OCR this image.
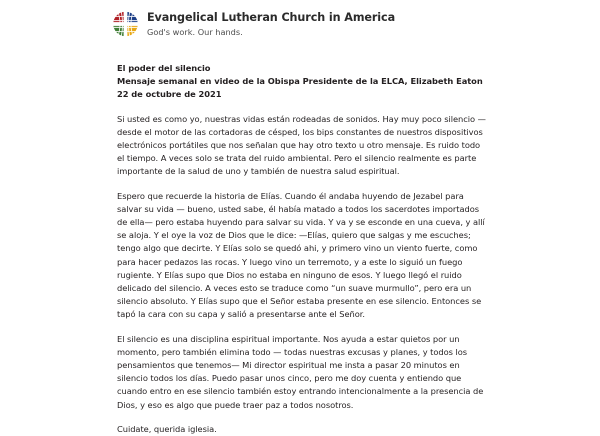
Evangelical Lutheran Church in America
God's work. Our hands.
El poder del silencio
Mensaje semanal en video de la Obispa Presidente de la ELCA, Elizabeth Eaton
22 de octubre de 2021

Si usted es como yo, nuestras vidas están rodeadas de sonidos. Hay muy poco silencio — desde el motor de las cortadoras de césped, los bips constantes de nuestros dispositivos electrónicos portátiles que nos señalan que hay otro texto u otro mensaje. Es ruido todo el tiempo. A veces solo se trata del ruido ambiental. Pero el silencio realmente es parte importante de la salud de uno y también de nuestra salud espiritual.

Espero que recuerde la historia de Elías. Cuando él andaba huyendo de Jezabel para salvar su vida — bueno, usted sabe, él había matado a todos los sacerdotes importados de ella— pero estaba huyendo para salvar su vida. Y va y se esconde en una cueva, y allí se aloja. Y el oye la voz de Dios que le dice: —Elías, quiero que salgas y me escuches; tengo algo que decirte. Y Elías solo se quedó ahi, y primero vino un viento fuerte, como para hacer pedazos las rocas. Y luego vino un terremoto, y a este lo siguió un fuego rugiente. Y Elías supo que Dios no estaba en ninguno de esos. Y luego llegó el ruido delicado del silencio. A veces esto se traduce como “un suave murmullo”, pero era un silencio absoluto. Y Elías supo que el Señor estaba presente en ese silencio. Entonces se tapó la cara con su capa y salió a presentarse ante el Señor.

El silencio es una disciplina espiritual importante. Nos ayuda a estar quietos por un momento, pero también elimina todo — todas nuestras excusas y planes, y todos los pensamientos que tenemos— Mi director espiritual me insta a pasar 20 minutos en silencio todos los días. Puedo pasar unos cinco, pero me doy cuenta y entiendo que cuando entro en ese silencio también estoy entrando intencionalmente a la presencia de Dios, y eso es algo que puede traer paz a todos nosotros.

Cuidate, querida iglesia.
